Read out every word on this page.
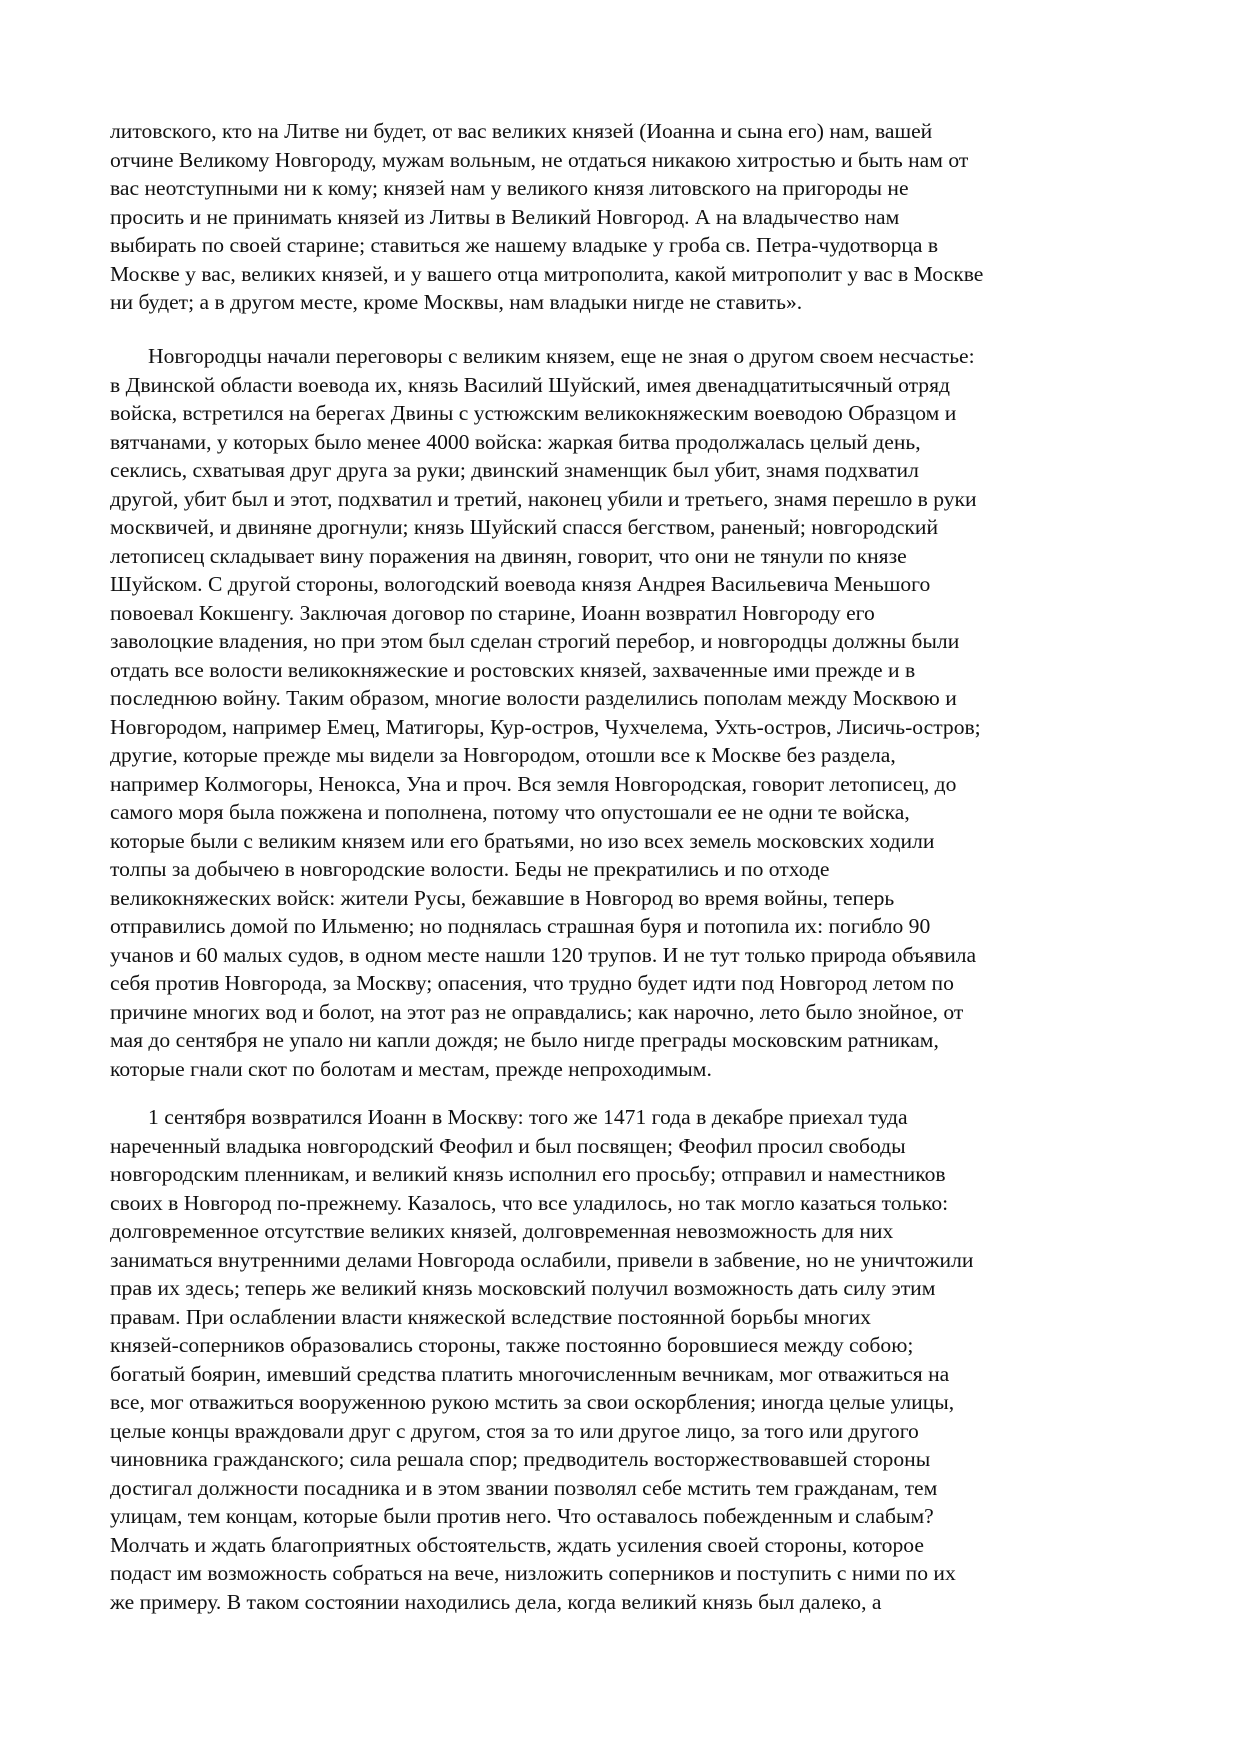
литовского, кто на Литве ни будет, от вас великих князей (Иоанна и сына его) нам, вашей
отчине Великому Новгороду, мужам вольным, не отдаться никакою хитростью и быть нам от
вас неотступными ни к кому; князей нам у великого князя литовского на пригороды не
просить и не принимать князей из Литвы в Великий Новгород. А на владычество нам
выбирать по своей старине; ставиться же нашему владыке у гроба св. Петра-чудотворца в
Москве у вас, великих князей, и у вашего отца митрополита, какой митрополит у вас в Москве
ни будет; а в другом месте, кроме Москвы, нам владыки нигде не ставить».
Новгородцы начали переговоры с великим князем, еще не зная о другом своем несчастье:
в Двинской области воевода их, князь Василий Шуйский, имея двенадцатитысячный отряд
войска, встретился на берегах Двины с устюжским великокняжеским воеводою Образцом и
вятчанами, у которых было менее 4000 войска: жаркая битва продолжалась целый день,
секлись, схватывая друг друга за руки; двинский знаменщик был убит, знамя подхватил
другой, убит был и этот, подхватил и третий, наконец убили и третьего, знамя перешло в руки
москвичей, и двиняне дрогнули; князь Шуйский спасся бегством, раненый; новгородский
летописец складывает вину поражения на двинян, говорит, что они не тянули по князе
Шуйском. С другой стороны, вологодский воевода князя Андрея Васильевича Меньшого
повоевал Кокшенгу. Заключая договор по старине, Иоанн возвратил Новгороду его
заволоцкие владения, но при этом был сделан строгий перебор, и новгородцы должны были
отдать все волости великокняжеские и ростовских князей, захваченные ими прежде и в
последнюю войну. Таким образом, многие волости разделились пополам между Москвою и
Новгородом, например Емец, Матигоры, Кур-остров, Чухчелема, Ухть-остров, Лисичь-остров;
другие, которые прежде мы видели за Новгородом, отошли все к Москве без раздела,
например Колмогоры, Ненокса, Уна и проч. Вся земля Новгородская, говорит летописец, до
самого моря была пожжена и пополнена, потому что опустошали ее не одни те войска,
которые были с великим князем или его братьями, но изо всех земель московских ходили
толпы за добычею в новгородские волости. Беды не прекратились и по отходе
великокняжеских войск: жители Русы, бежавшие в Новгород во время войны, теперь
отправились домой по Ильменю; но поднялась страшная буря и потопила их: погибло 90
учанов и 60 малых судов, в одном месте нашли 120 трупов. И не тут только природа объявила
себя против Новгорода, за Москву; опасения, что трудно будет идти под Новгород летом по
причине многих вод и болот, на этот раз не оправдались; как нарочно, лето было знойное, от
мая до сентября не упало ни капли дождя; не было нигде преграды московским ратникам,
которые гнали скот по болотам и местам, прежде непроходимым.
1 сентября возвратился Иоанн в Москву: того же 1471 года в декабре приехал туда
нареченный владыка новгородский Феофил и был посвящен; Феофил просил свободы
новгородским пленникам, и великий князь исполнил его просьбу; отправил и наместников
своих в Новгород по-прежнему. Казалось, что все уладилось, но так могло казаться только:
долговременное отсутствие великих князей, долговременная невозможность для них
заниматься внутренними делами Новгорода ослабили, привели в забвение, но не уничтожили
прав их здесь; теперь же великий князь московский получил возможность дать силу этим
правам. При ослаблении власти княжеской вследствие постоянной борьбы многих
князей-соперников образовались стороны, также постоянно боровшиеся между собою;
богатый боярин, имевший средства платить многочисленным вечникам, мог отважиться на
все, мог отважиться вооруженною рукою мстить за свои оскорбления; иногда целые улицы,
целые концы враждовали друг с другом, стоя за то или другое лицо, за того или другого
чиновника гражданского; сила решала спор; предводитель восторжествовавшей стороны
достигал должности посадника и в этом звании позволял себе мстить тем гражданам, тем
улицам, тем концам, которые были против него. Что оставалось побежденным и слабым?
Молчать и ждать благоприятных обстоятельств, ждать усиления своей стороны, которое
подаст им возможность собраться на вече, низложить соперников и поступить с ними по их
же примеру. В таком состоянии находились дела, когда великий князь был далеко, а
